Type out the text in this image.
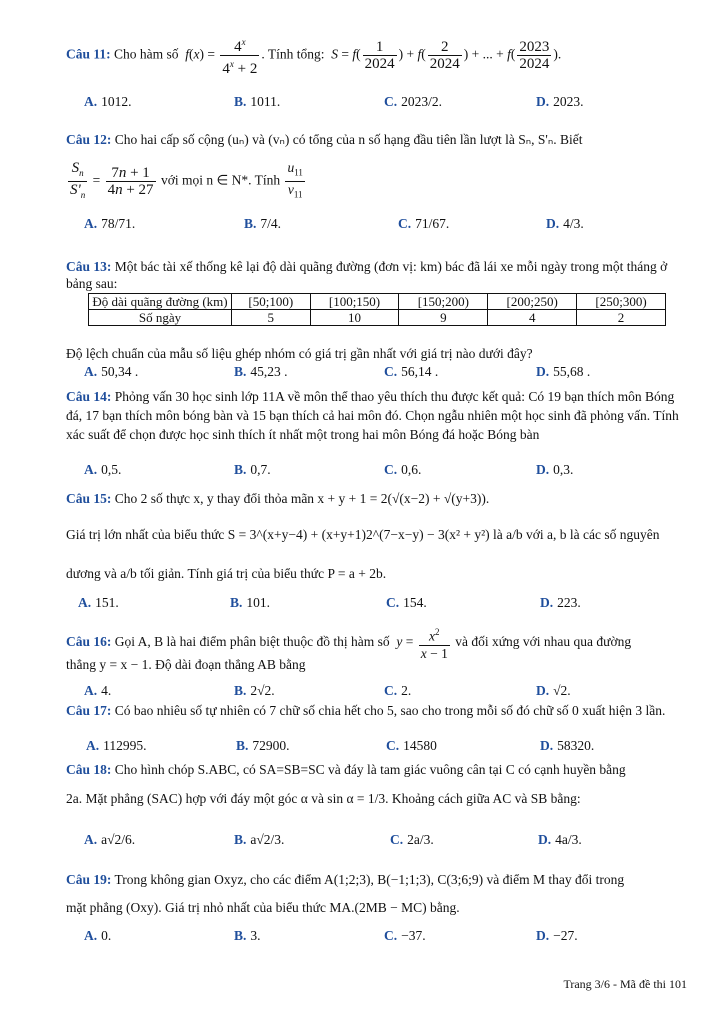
Câu 11: Cho hàm số  $f(x) = \frac{4^x}{4^x + 2}$ . Tính tổng:  $S = f( \frac{1}{2024}$ ) + $f( \frac{2}{2024}$ ) + ... + $f( \frac{2023}{2024}$ ).
A. 1012.	B. 1011.	C. 2023/2.	D. 2023.
Câu 12: Cho hai cấp số cộng (uₙ) và (vₙ) có tổng của n số hạng đầu tiên lần lượt là Sₙ, S'ₙ. Biết
$\frac{S_n}{S'_n} = \frac{7n + 1}{4n + 27}$ với mọi n ∈ N*. Tính $\frac{u_{11}}{v_{11}}$
A. 78/71.	B. 7/4.	C. 71/67.	D. 4/3.
Câu 13: Một bác tài xế thống kê lại độ dài quãng đường (đơn vị: km) bác đã lái xe mỗi ngày trong một tháng ở bảng sau:
Độ dài quãng đường (km)	[50;100)	[100;150)	[150;200)	[200;250)	[250;300)
Số ngày	5	10	9	4	2
Độ lệch chuẩn của mẫu số liệu ghép nhóm có giá trị gần nhất với giá trị nào dưới đây?
A. 50,34 .	B. 45,23 .	C. 56,14 .	D. 55,68 .
Câu 14: Phỏng vấn 30 học sinh lớp 11A về môn thể thao yêu thích thu được kết quả: Có 19 bạn thích môn Bóng đá, 17 bạn thích môn bóng bàn và 15 bạn thích cả hai môn đó. Chọn ngẫu nhiên một học sinh đã phỏng vấn. Tính xác suất để chọn được học sinh thích ít nhất một trong hai môn Bóng đá hoặc Bóng bàn
A. 0,5.	B. 0,7.	C. 0,6.	D. 0,3.
Câu 15: Cho 2 số thực x, y thay đổi thỏa mãn x + y + 1 = 2(√(x−2) + √(y+3)).
Giá trị lớn nhất của biểu thức S = 3^(x+y−4) + (x+y+1)2^(7−x−y) − 3(x² + y²) là a/b với a, b là các số nguyên
dương và a/b tối giản. Tính giá trị của biểu thức P = a + 2b.
A. 151.	B. 101.	C. 154.	D. 223.
Câu 16: Gọi A, B là hai điểm phân biệt thuộc đồ thị hàm số  $y = \frac{x^2}{x - 1}$ và đối xứng với nhau qua đường
thẳng y = x − 1. Độ dài đoạn thẳng AB bằng
A. 4.	B. 2√2.	C. 2.	D. √2.
Câu 17: Có bao nhiêu số tự nhiên có 7 chữ số chia hết cho 5, sao cho trong mỗi số đó chữ số 0 xuất hiện 3 lần.
A. 112995.	B. 72900.	C. 14580	D. 58320.
Câu 18: Cho hình chóp S.ABC, có SA=SB=SC và đáy là tam giác vuông cân tại C có cạnh huyền bằng
2a. Mặt phẳng (SAC) hợp với đáy một góc α và sin α = 1/3. Khoảng cách giữa AC và SB bằng:
A. a√2/6.	B. a√2/3.	C. 2a/3.	D. 4a/3.
Câu 19: Trong không gian Oxyz, cho các điểm A(1;2;3), B(−1;1;3), C(3;6;9) và điểm M thay đổi trong
mặt phẳng (Oxy). Giá trị nhỏ nhất của biểu thức MA.(2MB − MC) bằng.
A. 0.	B. 3.	C. −37.	D. −27.
Trang 3/6 - Mã đề thi 101
